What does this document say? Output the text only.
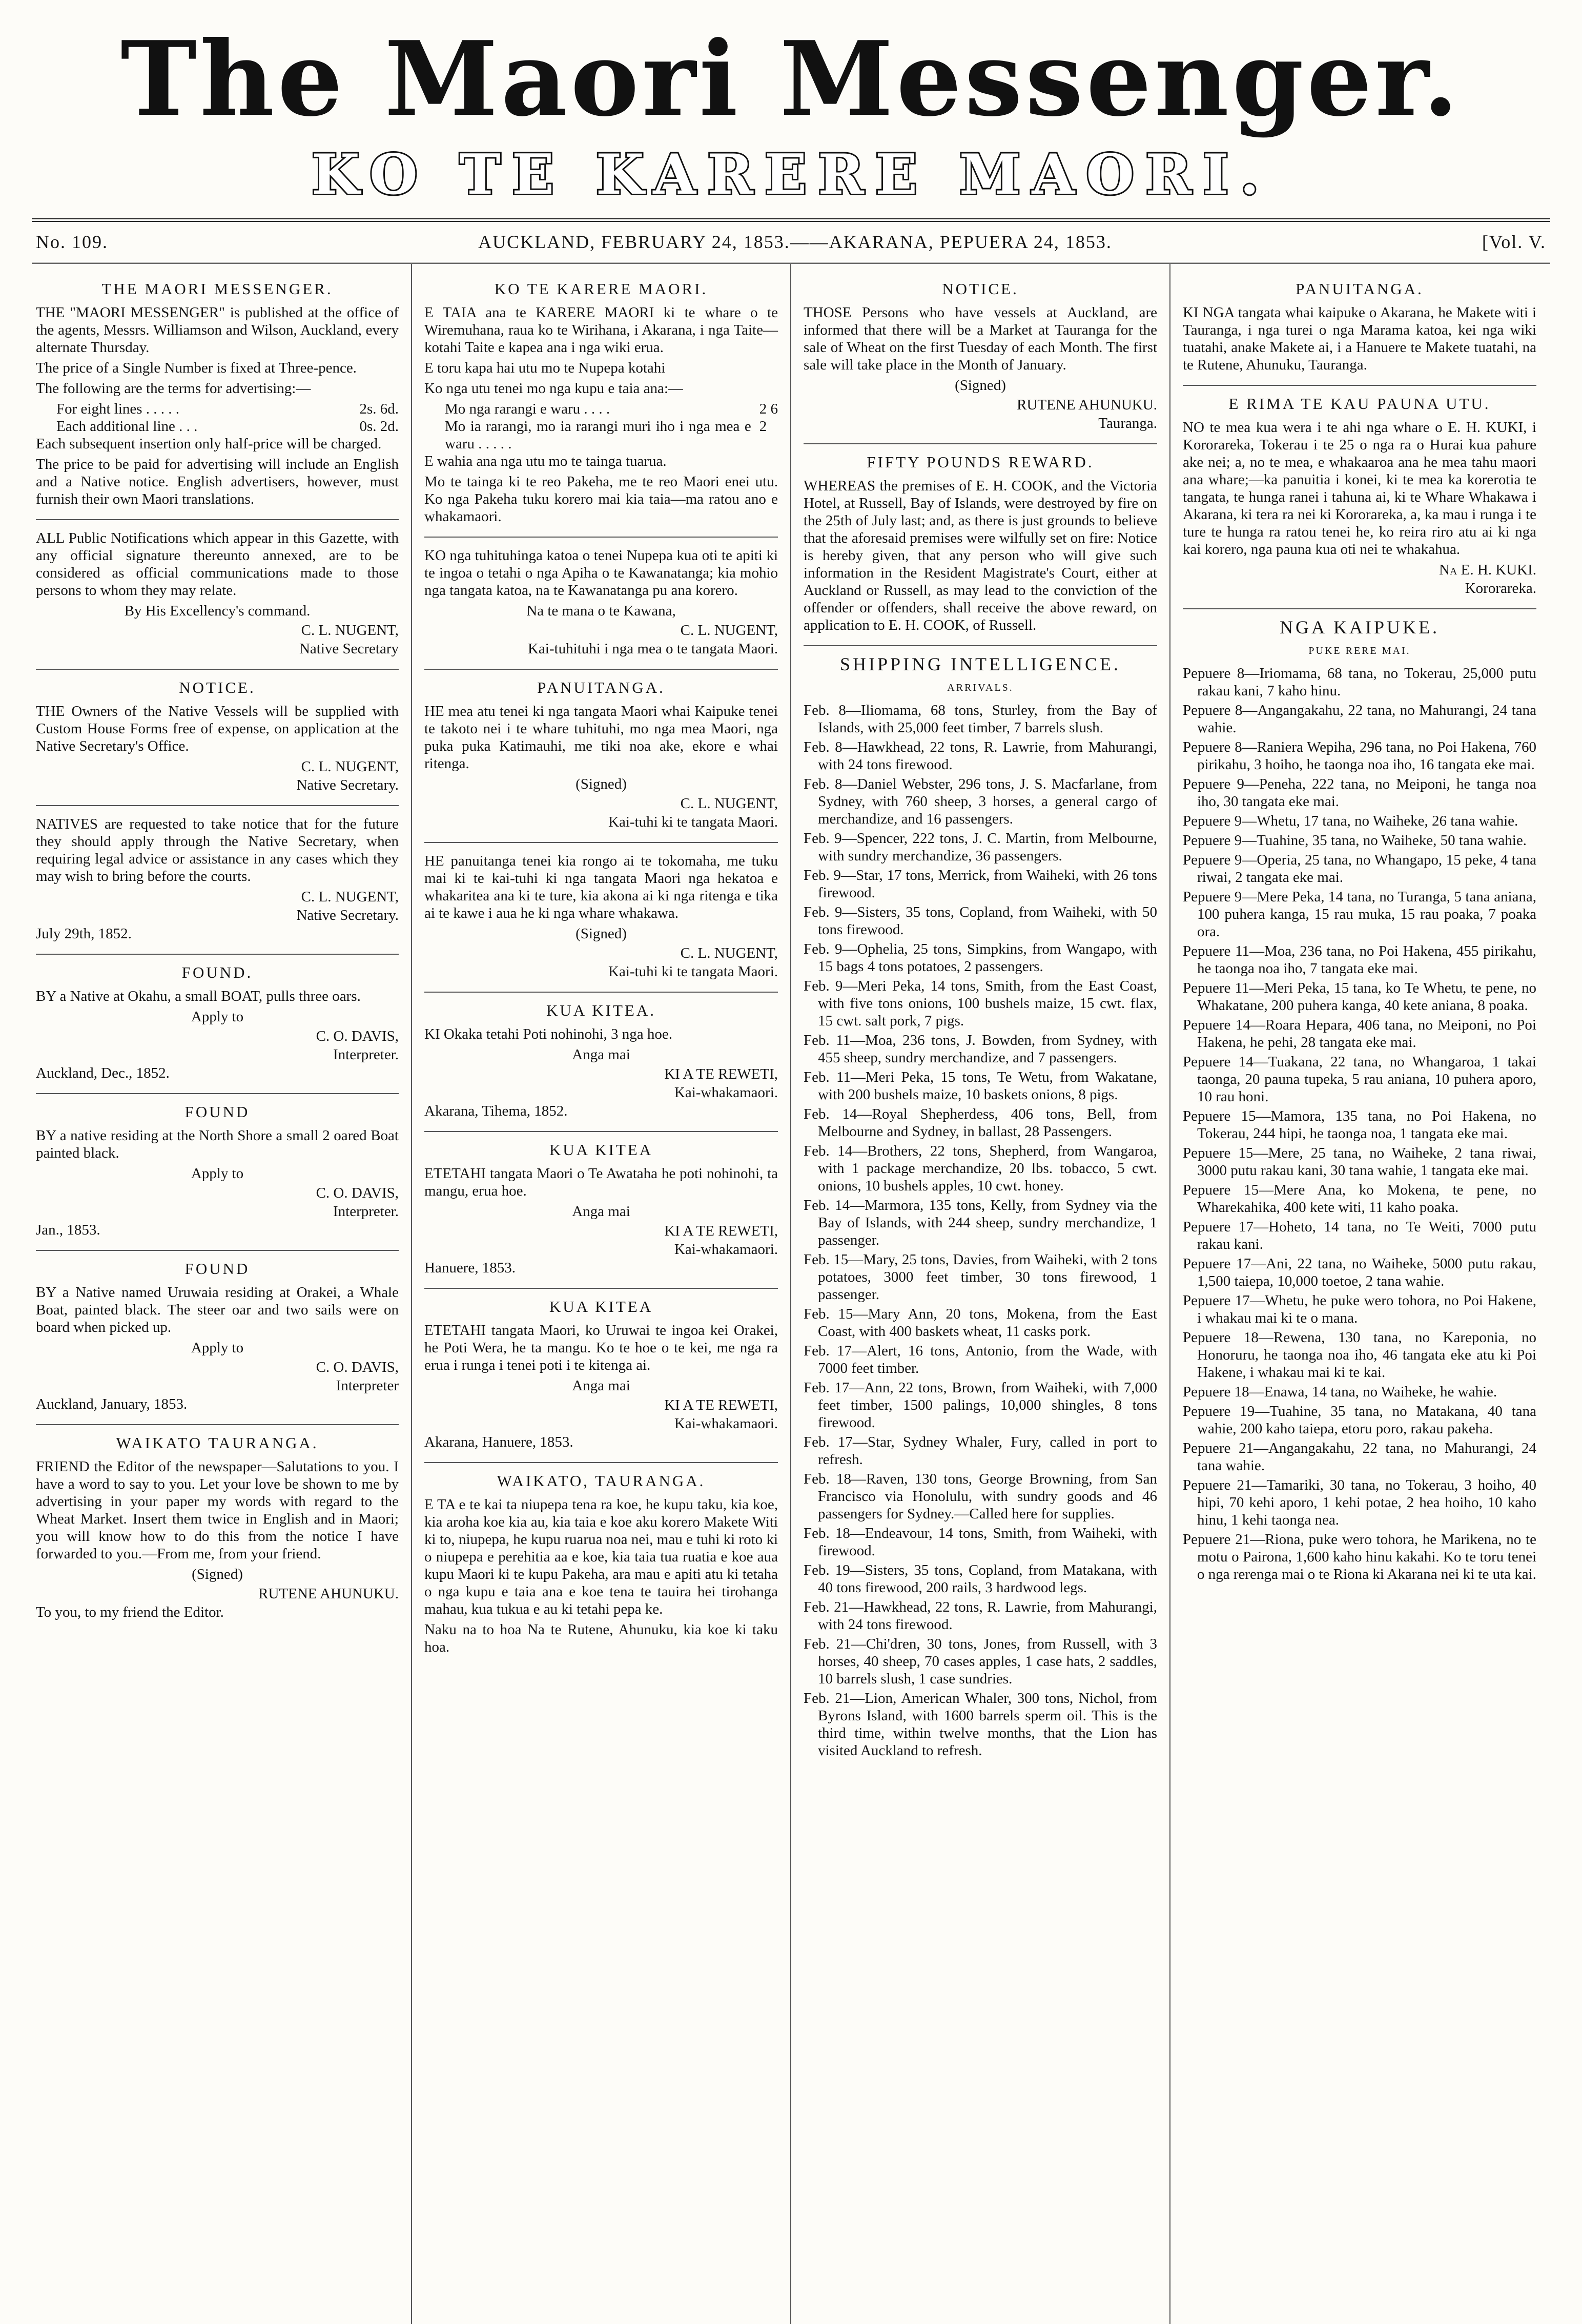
The Maori Messenger.
KO TE KARERE MAORI.
No. 109.	AUCKLAND, FEBRUARY 24, 1853.——AKARANA, PEPUERA 24, 1853.	[Vol. V.
THE MAORI MESSENGER.

THE "MAORI MESSENGER" is published at the office of the agents, Messrs. Williamson and Wilson, Auckland, every alternate Thursday.

The price of a Single Number is fixed at Three-pence.

The following are the terms for advertising:—

For eight lines . . . . .	2s. 6d.
Each additional line . . .	0s. 2d.

Each subsequent insertion only half-price will be charged.

The price to be paid for advertising will include an English and a Native notice. English advertisers, however, must furnish their own Maori translations.

ALL Public Notifications which appear in this Gazette, with any official signature thereunto annexed, are to be considered as official communications made to those persons to whom they may relate.

By His Excellency's command.

C. L. NUGENT,

Native Secretary

NOTICE.

THE Owners of the Native Vessels will be supplied with Custom House Forms free of expense, on application at the Native Secretary's Office.

C. L. NUGENT,

Native Secretary.

NATIVES are requested to take notice that for the future they should apply through the Native Secretary, when requiring legal advice or assistance in any cases which they may wish to bring before the courts.

C. L. NUGENT,

Native Secretary.

July 29th, 1852.

FOUND.

BY a Native at Okahu, a small BOAT, pulls three oars.

Apply to

C. O. DAVIS,

Interpreter.

Auckland, Dec., 1852.

FOUND

BY a native residing at the North Shore a small 2 oared Boat painted black.

Apply to

C. O. DAVIS,

Interpreter.

Jan., 1853.

FOUND

BY a Native named Uruwaia residing at Orakei, a Whale Boat, painted black. The steer oar and two sails were on board when picked up.

Apply to

C. O. DAVIS,

Interpreter

Auckland, January, 1853.

WAIKATO TAURANGA.

FRIEND the Editor of the newspaper—Salutations to you. I have a word to say to you. Let your love be shown to me by advertising in your paper my words with regard to the Wheat Market. Insert them twice in English and in Maori; you will know how to do this from the notice I have forwarded to you.—From me, from your friend.

(Signed)

RUTENE AHUNUKU.

To you, to my friend the Editor.

KO TE KARERE MAORI.

E TAIA ana te KARERE MAORI ki te whare o te Wiremuhana, raua ko te Wirihana, i Akarana, i nga Taite—kotahi Taite e kapea ana i nga wiki erua.

E toru kapa hai utu mo te Nupepa kotahi

Ko nga utu tenei mo nga kupu e taia ana:—

Mo nga rarangi e waru . . . .	2 6
Mo ia rarangi, mo ia rarangi muri iho i nga mea e waru . . . . .
2

E wahia ana nga utu mo te tainga tuarua.

Mo te tainga ki te reo Pakeha, me te reo Maori enei utu. Ko nga Pakeha tuku korero mai kia taia—ma ratou ano e whakamaori.

KO nga tuhituhinga katoa o tenei Nupepa kua oti te apiti ki te ingoa o tetahi o nga Apiha o te Kawanatanga; kia mohio nga tangata katoa, na te Kawanatanga pu ana korero.

Na te mana o te Kawana,

C. L. NUGENT,

Kai-tuhituhi i nga mea o te tangata Maori.

PANUITANGA.

HE mea atu tenei ki nga tangata Maori whai Kaipuke tenei te takoto nei i te whare tuhituhi, mo nga mea Maori, nga puka puka Katimauhi, me tiki noa ake, ekore e whai ritenga.

(Signed)

C. L. NUGENT,

Kai-tuhi ki te tangata Maori.

HE panuitanga tenei kia rongo ai te tokomaha, me tuku mai ki te kai-tuhi ki nga tangata Maori nga hekatoa e whakaritea ana ki te ture, kia akona ai ki nga ritenga e tika ai te kawe i aua he ki nga whare whakawa.

(Signed)

C. L. NUGENT,

Kai-tuhi ki te tangata Maori.

KUA KITEA.

KI Okaka tetahi Poti nohinohi, 3 nga hoe.

Anga mai

KI A TE REWETI,

Kai-whakamaori.

Akarana, Tihema, 1852.

KUA KITEA

ETETAHI tangata Maori o Te Awataha he poti nohinohi, ta mangu, erua hoe.

Anga mai

KI A TE REWETI,

Kai-whakamaori.

Hanuere, 1853.

KUA KITEA

ETETAHI tangata Maori, ko Uruwai te ingoa kei Orakei, he Poti Wera, he ta mangu. Ko te hoe o te kei, me nga ra erua i runga i tenei poti i te kitenga ai.

Anga mai

KI A TE REWETI,

Kai-whakamaori.

Akarana, Hanuere, 1853.

WAIKATO, TAURANGA.

E TA e te kai ta niupepa tena ra koe, he kupu taku, kia koe, kia aroha koe kia au, kia taia e koe aku korero Makete Witi ki to, niupepa, he kupu ruarua noa nei, mau e tuhi ki roto ki o niupepa e perehitia aa e koe, kia taia tua ruatia e koe aua kupu Maori ki te kupu Pakeha, ara mau e apiti atu ki tetaha o nga kupu e taia ana e koe tena te tauira hei tirohanga mahau, kua tukua e au ki tetahi pepa ke.

Naku na to hoa Na te Rutene, Ahunuku, kia koe ki taku hoa.

NOTICE.

THOSE Persons who have vessels at Auckland, are informed that there will be a Market at Tauranga for the sale of Wheat on the first Tuesday of each Month. The first sale will take place in the Month of January.

(Signed)

RUTENE AHUNUKU.

Tauranga.

FIFTY POUNDS REWARD.

WHEREAS the premises of E. H. COOK, and the Victoria Hotel, at Russell, Bay of Islands, were destroyed by fire on the 25th of July last; and, as there is just grounds to believe that the aforesaid premises were wilfully set on fire: Notice is hereby given, that any person who will give such information in the Resident Magistrate's Court, either at Auckland or Russell, as may lead to the conviction of the offender or offenders, shall receive the above reward, on application to E. H. COOK, of Russell.

SHIPPING INTELLIGENCE.
ARRIVALS.

Feb. 8—Iliomama, 68 tons, Sturley, from the Bay of Islands, with 25,000 feet timber, 7 barrels slush.

Feb. 8—Hawkhead, 22 tons, R. Lawrie, from Mahurangi, with 24 tons firewood.

Feb. 8—Daniel Webster, 296 tons, J. S. Macfarlane, from Sydney, with 760 sheep, 3 horses, a general cargo of merchandize, and 16 passengers.

Feb. 9—Spencer, 222 tons, J. C. Martin, from Melbourne, with sundry merchandize, 36 passengers.

Feb. 9—Star, 17 tons, Merrick, from Waiheki, with 26 tons firewood.

Feb. 9—Sisters, 35 tons, Copland, from Waiheki, with 50 tons firewood.

Feb. 9—Ophelia, 25 tons, Simpkins, from Wangapo, with 15 bags 4 tons potatoes, 2 passengers.

Feb. 9—Meri Peka, 14 tons, Smith, from the East Coast, with five tons onions, 100 bushels maize, 15 cwt. flax, 15 cwt. salt pork, 7 pigs.

Feb. 11—Moa, 236 tons, J. Bowden, from Sydney, with 455 sheep, sundry merchandize, and 7 passengers.

Feb. 11—Meri Peka, 15 tons, Te Wetu, from Wakatane, with 200 bushels maize, 10 baskets onions, 8 pigs.

Feb. 14—Royal Shepherdess, 406 tons, Bell, from Melbourne and Sydney, in ballast, 28 Passengers.

Feb. 14—Brothers, 22 tons, Shepherd, from Wangaroa, with 1 package merchandize, 20 lbs. tobacco, 5 cwt. onions, 10 bushels apples, 10 cwt. honey.

Feb. 14—Marmora, 135 tons, Kelly, from Sydney via the Bay of Islands, with 244 sheep, sundry merchandize, 1 passenger.

Feb. 15—Mary, 25 tons, Davies, from Waiheki, with 2 tons potatoes, 3000 feet timber, 30 tons firewood, 1 passenger.

Feb. 15—Mary Ann, 20 tons, Mokena, from the East Coast, with 400 baskets wheat, 11 casks pork.

Feb. 17—Alert, 16 tons, Antonio, from the Wade, with 7000 feet timber.

Feb. 17—Ann, 22 tons, Brown, from Waiheki, with 7,000 feet timber, 1500 palings, 10,000 shingles, 8 tons firewood.

Feb. 17—Star, Sydney Whaler, Fury, called in port to refresh.

Feb. 18—Raven, 130 tons, George Browning, from San Francisco via Honolulu, with sundry goods and 46 passengers for Sydney.—Called here for supplies.

Feb. 18—Endeavour, 14 tons, Smith, from Waiheki, with firewood.

Feb. 19—Sisters, 35 tons, Copland, from Matakana, with 40 tons firewood, 200 rails, 3 hardwood legs.

Feb. 21—Hawkhead, 22 tons, R. Lawrie, from Mahurangi, with 24 tons firewood.

Feb. 21—Chi'dren, 30 tons, Jones, from Russell, with 3 horses, 40 sheep, 70 cases apples, 1 case hats, 2 saddles, 10 barrels slush, 1 case sundries.

Feb. 21—Lion, American Whaler, 300 tons, Nichol, from Byrons Island, with 1600 barrels sperm oil. This is the third time, within twelve months, that the Lion has visited Auckland to refresh.

PANUITANGA.

KI NGA tangata whai kaipuke o Akarana, he Makete witi i Tauranga, i nga turei o nga Marama katoa, kei nga wiki tuatahi, anake Makete ai, i a Hanuere te Makete tuatahi, na te Rutene, Ahunuku, Tauranga.

E RIMA TE KAU PAUNA UTU.

NO te mea kua wera i te ahi nga whare o E. H. KUKI, i Kororareka, Tokerau i te 25 o nga ra o Hurai kua pahure ake nei; a, no te mea, e whakaaroa ana he mea tahu maori ana whare;—ka panuitia i konei, ki te mea ka korerotia te tangata, te hunga ranei i tahuna ai, ki te Whare Whakawa i Akarana, ki tera ra nei ki Kororareka, a, ka mau i runga i te ture te hunga ra ratou tenei he, ko reira riro atu ai ki nga kai korero, nga pauna kua oti nei te whakahua.

Na E. H. KUKI.

Kororareka.

NGA KAIPUKE.
PUKE RERE MAI.

Pepuere 8—Iriomama, 68 tana, no Tokerau, 25,000 putu rakau kani, 7 kaho hinu.

Pepuere 8—Angangakahu, 22 tana, no Mahurangi, 24 tana wahie.

Pepuere 8—Raniera Wepiha, 296 tana, no Poi Hakena, 760 pirikahu, 3 hoiho, he taonga noa iho, 16 tangata eke mai.

Pepuere 9—Peneha, 222 tana, no Meiponi, he tanga noa iho, 30 tangata eke mai.

Pepuere 9—Whetu, 17 tana, no Waiheke, 26 tana wahie.

Pepuere 9—Tuahine, 35 tana, no Waiheke, 50 tana wahie.

Pepuere 9—Operia, 25 tana, no Whangapo, 15 peke, 4 tana riwai, 2 tangata eke mai.

Pepuere 9—Mere Peka, 14 tana, no Turanga, 5 tana aniana, 100 puhera kanga, 15 rau muka, 15 rau poaka, 7 poaka ora.

Pepuere 11—Moa, 236 tana, no Poi Hakena, 455 pirikahu, he taonga noa iho, 7 tangata eke mai.

Pepuere 11—Meri Peka, 15 tana, ko Te Whetu, te pene, no Whakatane, 200 puhera kanga, 40 kete aniana, 8 poaka.

Pepuere 14—Roara Hepara, 406 tana, no Meiponi, no Poi Hakena, he pehi, 28 tangata eke mai.

Pepuere 14—Tuakana, 22 tana, no Whangaroa, 1 takai taonga, 20 pauna tupeka, 5 rau aniana, 10 puhera aporo, 10 rau honi.

Pepuere 15—Mamora, 135 tana, no Poi Hakena, no Tokerau, 244 hipi, he taonga noa, 1 tangata eke mai.

Pepuere 15—Mere, 25 tana, no Waiheke, 2 tana riwai, 3000 putu rakau kani, 30 tana wahie, 1 tangata eke mai.

Pepuere 15—Mere Ana, ko Mokena, te pene, no Wharekahika, 400 kete witi, 11 kaho poaka.

Pepuere 17—Hoheto, 14 tana, no Te Weiti, 7000 putu rakau kani.

Pepuere 17—Ani, 22 tana, no Waiheke, 5000 putu rakau, 1,500 taiepa, 10,000 toetoe, 2 tana wahie.

Pepuere 17—Whetu, he puke wero tohora, no Poi Hakene, i whakau mai ki te o mana.

Pepuere 18—Rewena, 130 tana, no Kareponia, no Honoruru, he taonga noa iho, 46 tangata eke atu ki Poi Hakene, i whakau mai ki te kai.

Pepuere 18—Enawa, 14 tana, no Waiheke, he wahie.

Pepuere 19—Tuahine, 35 tana, no Matakana, 40 tana wahie, 200 kaho taiepa, etoru poro, rakau pakeha.

Pepuere 21—Angangakahu, 22 tana, no Mahurangi, 24 tana wahie.

Pepuere 21—Tamariki, 30 tana, no Tokerau, 3 hoiho, 40 hipi, 70 kehi aporo, 1 kehi potae, 2 hea hoiho, 10 kaho hinu, 1 kehi taonga nea.

Pepuere 21—Riona, puke wero tohora, he Marikena, no te motu o Pairona, 1,600 kaho hinu kakahi. Ko te toru tenei o nga rerenga mai o te Riona ki Akarana nei ki te uta kai.
